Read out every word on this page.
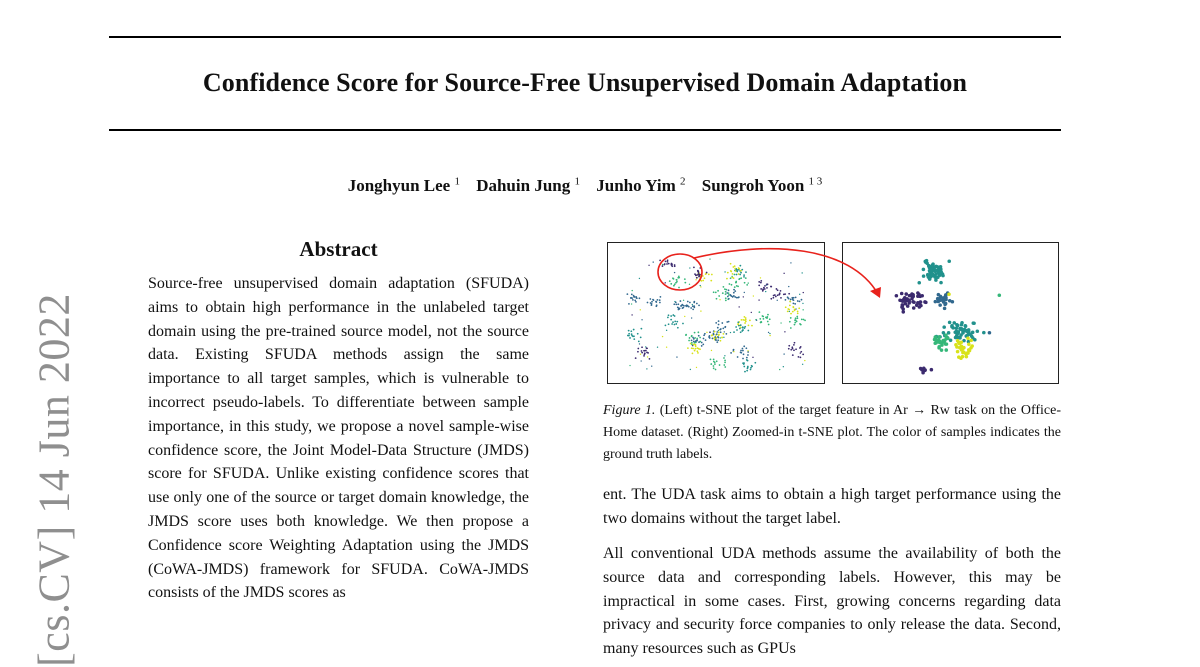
Confidence Score for Source-Free Unsupervised Domain Adaptation
Jonghyun Lee $^1$ Dahuin Jung $^1$ Junho Yim $^2$ Sungroh Yoon $^{1 3}$
[cs.CV] 14 Jun 2022
Abstract
Source-free unsupervised domain adaptation (SFUDA) aims to obtain high performance in the unlabeled target domain using the pre-trained source model, not the source data. Existing SFUDA methods assign the same importance to all target samples, which is vulnerable to incorrect pseudo-labels. To differentiate between sample importance, in this study, we propose a novel sample-wise confidence score, the Joint Model-Data Structure (JMDS) score for SFUDA. Unlike existing confidence scores that use only one of the source or target domain knowledge, the JMDS score uses both knowledge. We then propose a Confidence score Weighting Adaptation using the JMDS (CoWA-JMDS) framework for SFUDA. CoWA-JMDS consists of the JMDS scores as
Figure 1. (Left) t-SNE plot of the target feature in Ar → Rw task on the Office-Home dataset. (Right) Zoomed-in t-SNE plot. The color of samples indicates the ground truth labels.
ent. The UDA task aims to obtain a high target performance using the two domains without the target label.
All conventional UDA methods assume the availability of both the source data and corresponding labels. However, this may be impractical in some cases. First, growing concerns regarding data privacy and security force companies to only release the data. Second, many resources such as GPUs
